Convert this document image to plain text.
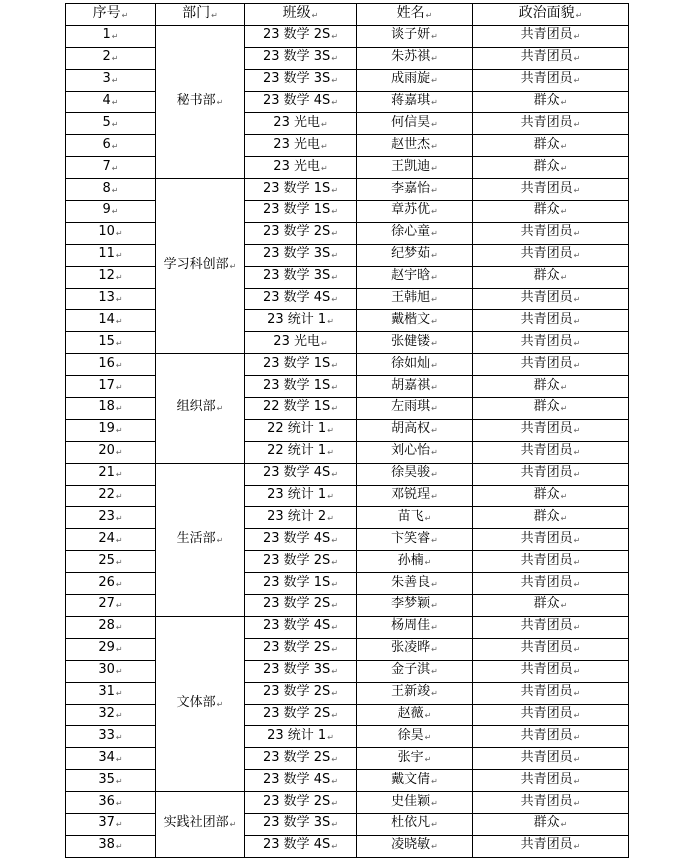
序号↵	部门↵	班级↵	姓名↵	政治面貌↵
1↵	秘书部↵	23 数学 2S↵	谈子妍↵	共青团员↵
2↵		23 数学 3S↵	朱苏祺↵	共青团员↵
3↵		23 数学 3S↵	成雨旋↵	共青团员↵
4↵		23 数学 4S↵	蒋嘉琪↵	群众↵
5↵		23 光电↵	何信昊↵	共青团员↵
6↵		23 光电↵	赵世杰↵	群众↵
7↵		23 光电↵	王凯迪↵	群众↵
8↵	学习科创部↵	23 数学 1S↵	李嘉怡↵	共青团员↵
9↵		23 数学 1S↵	章苏优↵	群众↵
10↵		23 数学 2S↵	徐心童↵	共青团员↵
11↵		23 数学 3S↵	纪梦茹↵	共青团员↵
12↵		23 数学 3S↵	赵宇晗↵	群众↵
13↵		23 数学 4S↵	王韩旭↵	共青团员↵
14↵		23 统计 1↵	戴楷文↵	共青团员↵
15↵		23 光电↵	张健镂↵	共青团员↵
16↵	组织部↵	23 数学 1S↵	徐如灿↵	共青团员↵
17↵		23 数学 1S↵	胡嘉祺↵	群众↵
18↵		22 数学 1S↵	左雨琪↵	群众↵
19↵		22 统计 1↵	胡高权↵	共青团员↵
20↵		22 统计 1↵	刘心怡↵	共青团员↵
21↵	生活部↵	23 数学 4S↵	徐昊骏↵	共青团员↵
22↵		23 统计 1↵	邓锐珵↵	群众↵
23↵		23 统计 2↵	苗飞↵	群众↵
24↵		23 数学 4S↵	卞笑睿↵	共青团员↵
25↵		23 数学 2S↵	孙楠↵	共青团员↵
26↵		23 数学 1S↵	朱善良↵	共青团员↵
27↵		23 数学 2S↵	李梦颖↵	群众↵
28↵	文体部↵	23 数学 4S↵	杨周佳↵	共青团员↵
29↵		23 数学 2S↵	张凌晔↵	共青团员↵
30↵		23 数学 3S↵	金子淇↵	共青团员↵
31↵		23 数学 2S↵	王新竣↵	共青团员↵
32↵		23 数学 2S↵	赵薇↵	共青团员↵
33↵		23 统计 1↵	徐昊↵	共青团员↵
34↵		23 数学 2S↵	张宇↵	共青团员↵
35↵		23 数学 4S↵	戴文倩↵	共青团员↵
36↵	实践社团部↵	23 数学 2S↵	史佳颖↵	共青团员↵
37↵		23 数学 3S↵	杜依凡↵	群众↵
38↵		23 数学 4S↵	凌晓敏↵	共青团员↵
